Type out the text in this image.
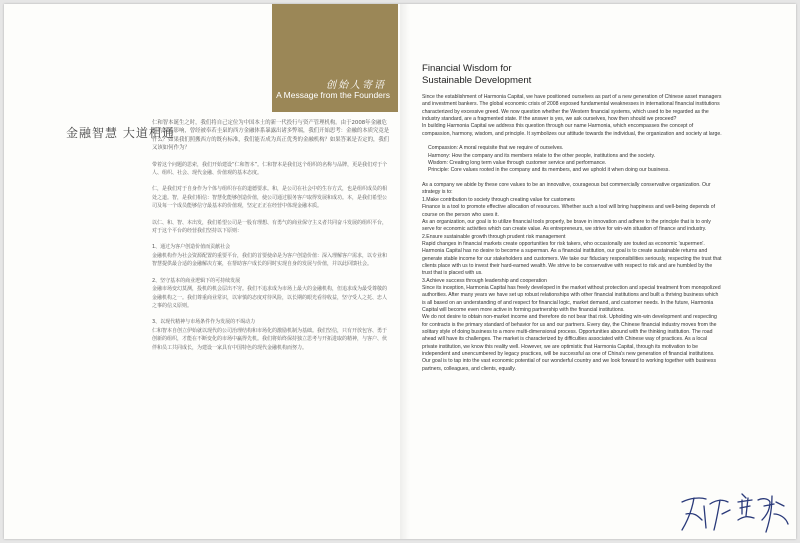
创始人寄语
A Message from the Founders
金融智慧 大道相通

仁和智本诞生之时，我们将自己定位为中国本土的新一代投行与资产管理机构。由于2008年金融危机的深远影响，曾经被奉若圭臬的西方金融体系暴露出诸多弊端，我们开始思考：金融的本质究竟是什么？如果我们照搬西方的既有标准，我们能否成为真正优秀的金融机构？如果答案是否定的，我们又该如何作为？

带着这个问题的思索，我们开始建设“仁和智本”。仁和智本是我们这个组织的名称与品牌，更是我们对于个人、组织、社会、现代金融、价值观的基本态度。

仁，是我们对于自身作为个体与组织存在的道德要求。和，是公司在社会中的生存方式，也是组织成员的相处之道。智，是我们相信：智慧化能够创造价值，使公司通过服务客户取得发展和成功。本，是我们希望公司及每一个成员能够信守最基本的价值观，坚定正正在经营中体现金融本质。

以仁、和、智、本出发，我们希望公司是一股有理想、有勇气的商业保守主义者共同奋斗发展的组织平台，对于这个平台的经营我们坚持以下原则：

1、通过为客户创造价值而贡献社会

金融机构作为社会资源配置的重要平台，我们的首要使命是为客户创造价值：深入理解客户需求，以专业和智慧提供最合适的金融解决方案，在帮助客户成长的同时实现自身的发展与价值，并以此回馈社会。

2、坚守基本的商业逻辑下的可持续发展

金融市场变幻莫测，投机的机会层出不穷。我们不追求成为市场上最大的金融机构，但追求成为最受尊敬的金融机构之一。我们尊重商业常识，以审慎的态度对待风险，以长期的眼光看待收益，坚守受人之托、忠人之事的信义原则。

3、以现代精神与市场条件作为发展的不竭动力

仁和智本自创立伊始就以现代的公司治理结构和市场化的激励机制为基础。我们坚信，只有开放包容、勇于创新的组织，才能在不断变化的市场中赢得先机。我们将始终保持独立思考与开拓进取的精神，与客户、伙伴和员工共同成长，为建设一家具有中国特色的现代金融机构而努力。

Financial Wisdom for
Sustainable Development

Since the establishment of Harmonia Capital, we have positioned ourselves as part of a new generation of Chinese asset managers and investment bankers. The global economic crisis of 2008 exposed fundamental weaknesses in international financial institutions characterized by excessive greed. We now question whether the Western financial systems, which used to be regarded as the industry standard, are a fragmented state. If the answer is yes, we ask ourselves, how then should we proceed?
In building Harmonia Capital we address this question through our name Harmonia, which encompasses the concept of compassion, harmony, wisdom, and principle. It symbolizes our attitude towards the individual, the organization and society at large.

Compassion: A moral requisite that we require of ourselves.
Harmony: How the company and its members relate to the other people, institutions and the society.
Wisdom: Creating long term value through customer service and performance.
Principle: Core values rooted in the company and its members, and we uphold it when doing our business.

As a company we abide by these core values to be an innovative, courageous but commercially conservative organization. Our strategy is to:
1.Make contribution to society through creating value for customers
Finance is a tool to promote effective allocation of resources. Whether such a tool will bring happiness and well-being depends of course on the person who uses it.
As an organization, our goal is to utilize financial tools properly, be brave in innovation and adhere to the principle that is to only serve for economic activities which can create value. As entrepreneurs, we strive for win-win situation of finance and industry.
2.Ensure sustainable growth through prudent risk management
Rapid changes in financial markets create opportunities for risk takers, who occasionally are touted as economic 'supermen'. Harmonia Capital has no desire to become a superman. As a financial institution, our goal is to create sustainable returns and generate stable income for our stakeholders and customers. We take our fiduciary responsibilities seriously, respecting the trust that clients place with us to invest their hard-earned wealth. We strive to be conservative with respect to risk and are humbled by the trust that is placed with us.
3.Achieve success through leadership and cooperation
Since its inception, Harmonia Capital has freely developed in the market without protection and special treatment from monopolized authorities. After many years we have set up robust relationships with other financial institutions and built a thriving business which is all based on an understanding of and respect for financial logic, market demand, and customer needs. In the future, Harmonia Capital will become even more active in forming partnership with the financial institutions.
We do not desire to obtain non-market income and therefore do not bear that risk. Upholding win-win development and respecting for contracts is the primary standard of behavior for us and our partners. Every day, the Chinese financial industry moves from the solitary style of doing business to a more multi-dimensional process. Opportunities abound with the thinking institution. The road ahead will have its challenges. The market is characterized by difficulties associated with Chinese way of practices. As a local private institution, we know this reality well. However, we are optimistic that Harmonia Capital, through its motivation to be independent and unencumbered by legacy practices, will be successful as one of China's new generation of financial institutions. Our goal is to tap into the vast economic potential of our wonderful country and we look forward to working together with business partners, colleagues, and clients, equally.
